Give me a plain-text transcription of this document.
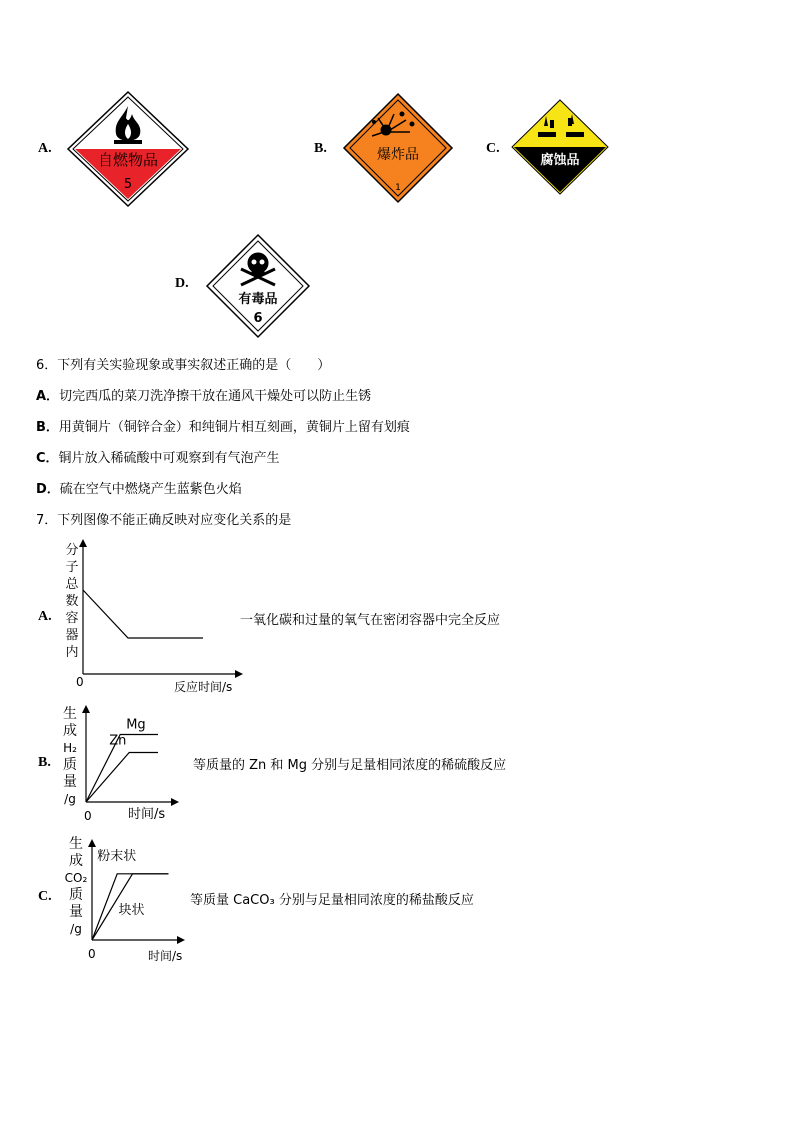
A.
自燃物品
5
B.	爆炸品
1
C.
腐蚀品
D.
有毒品
6
6．下列有关实验现象或事实叙述正确的是（　　）
A．切完西瓜的菜刀洗净擦干放在通风干燥处可以防止生锈
B．用黄铜片（铜锌合金）和纯铜片相互刻画，黄铜片上留有划痕
C．铜片放入稀硫酸中可观察到有气泡产生
D．硫在空气中燃烧产生蓝紫色火焰
7．下列图像不能正确反映对应变化关系的是
A.	一氧化碳和过量的氧气在密闭容器中完全反应
分
子
总
数
容
器
内
0	反应时间/s
B.	等质量的 Zn 和 Mg 分别与足量相同浓度的稀硫酸反应
生
成
H₂
质
量
/g
0	时间/s
Mg
Zn
C.	等质量 CaCO₃ 分别与足量相同浓度的稀盐酸反应
生
成
CO₂
质
量
/g
0	时间/s
粉末状
块状
